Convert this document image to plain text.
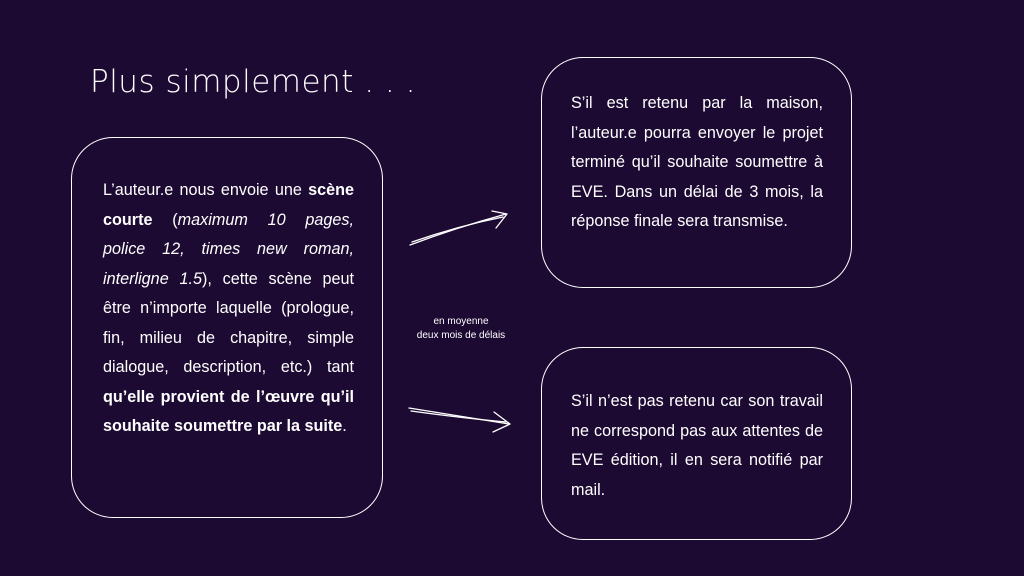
Plus simplement . . .

L’auteur.e nous envoie une scène courte (maximum 10 pages, police 12, times new roman, interligne 1.5), cette scène peut être n’importe laquelle (prologue, fin, milieu de chapitre, simple dialogue, description, etc.) tant qu’elle provient de l’œuvre qu’il souhaite soumettre par la suite.

en moyenne
deux mois de délais

S’il est retenu par la maison, l’auteur.e pourra envoyer le projet terminé qu’il souhaite soumettre à EVE. Dans un délai de 3 mois, la réponse finale sera transmise.

S’il n’est pas retenu car son travail ne correspond pas aux attentes de EVE édition, il en sera notifié par mail.
